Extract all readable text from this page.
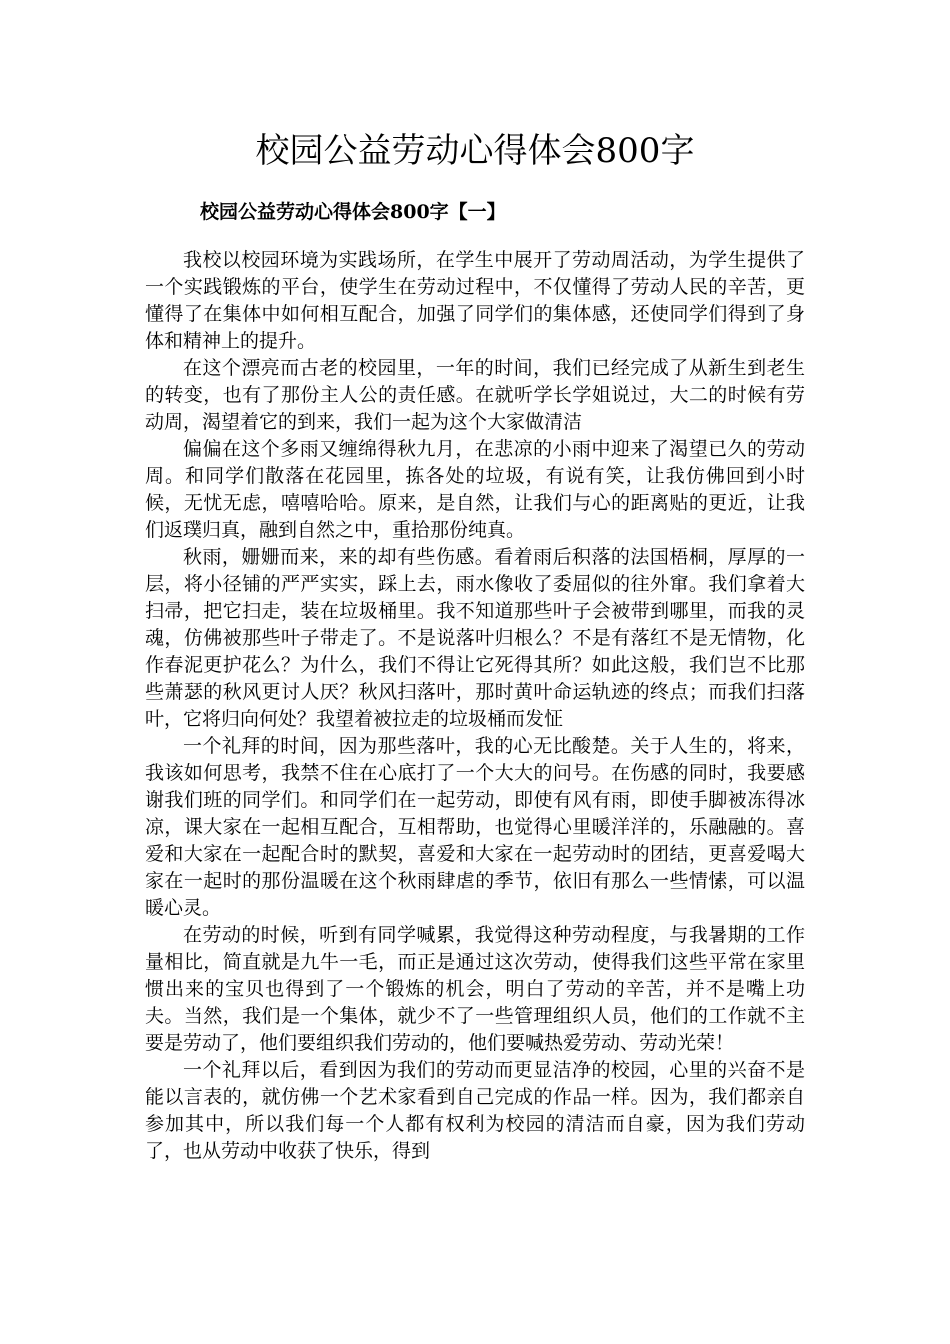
校园公益劳动心得体会800字
校园公益劳动心得体会800字【一】

我校以校园环境为实践场所，在学生中展开了劳动周活动，为学生提供了一个实践锻炼的平台，使学生在劳动过程中，不仅懂得了劳动人民的辛苦，更懂得了在集体中如何相互配合，加强了同学们的集体感，还使同学们得到了身体和精神上的提升。

在这个漂亮而古老的校园里，一年的时间，我们已经完成了从新生到老生的转变，也有了那份主人公的责任感。在就听学长学姐说过，大二的时候有劳动周，渴望着它的到来，我们一起为这个大家做清洁

偏偏在这个多雨又缠绵得秋九月，在悲凉的小雨中迎来了渴望已久的劳动周。和同学们散落在花园里，拣各处的垃圾，有说有笑，让我仿佛回到小时候，无忧无虑，嘻嘻哈哈。原来，是自然，让我们与心的距离贴的更近，让我们返璞归真，融到自然之中，重拾那份纯真。

秋雨，姗姗而来，来的却有些伤感。看着雨后积落的法国梧桐，厚厚的一层，将小径铺的严严实实，踩上去，雨水像收了委屈似的往外窜。我们拿着大扫帚，把它扫走，装在垃圾桶里。我不知道那些叶子会被带到哪里，而我的灵魂，仿佛被那些叶子带走了。不是说落叶归根么？不是有落红不是无情物，化作春泥更护花么？为什么，我们不得让它死得其所？如此这般，我们岂不比那些萧瑟的秋风更讨人厌？秋风扫落叶，那时黄叶命运轨迹的终点；而我们扫落叶，它将归向何处？我望着被拉走的垃圾桶而发怔

一个礼拜的时间，因为那些落叶，我的心无比酸楚。关于人生的，将来，我该如何思考，我禁不住在心底打了一个大大的问号。在伤感的同时，我要感谢我们班的同学们。和同学们在一起劳动，即使有风有雨，即使手脚被冻得冰凉，课大家在一起相互配合，互相帮助，也觉得心里暖洋洋的，乐融融的。喜爱和大家在一起配合时的默契，喜爱和大家在一起劳动时的团结，更喜爱喝大家在一起时的那份温暖在这个秋雨肆虐的季节，依旧有那么一些情愫，可以温暖心灵。

在劳动的时候，听到有同学喊累，我觉得这种劳动程度，与我暑期的工作量相比，简直就是九牛一毛，而正是通过这次劳动，使得我们这些平常在家里惯出来的宝贝也得到了一个锻炼的机会，明白了劳动的辛苦，并不是嘴上功夫。当然，我们是一个集体，就少不了一些管理组织人员，他们的工作就不主要是劳动了，他们要组织我们劳动的，他们要喊热爱劳动、劳动光荣！

一个礼拜以后，看到因为我们的劳动而更显洁净的校园，心里的兴奋不是能以言表的，就仿佛一个艺术家看到自己完成的作品一样。因为，我们都亲自参加其中，所以我们每一个人都有权利为校园的清洁而自豪，因为我们劳动了，也从劳动中收获了快乐，得到
